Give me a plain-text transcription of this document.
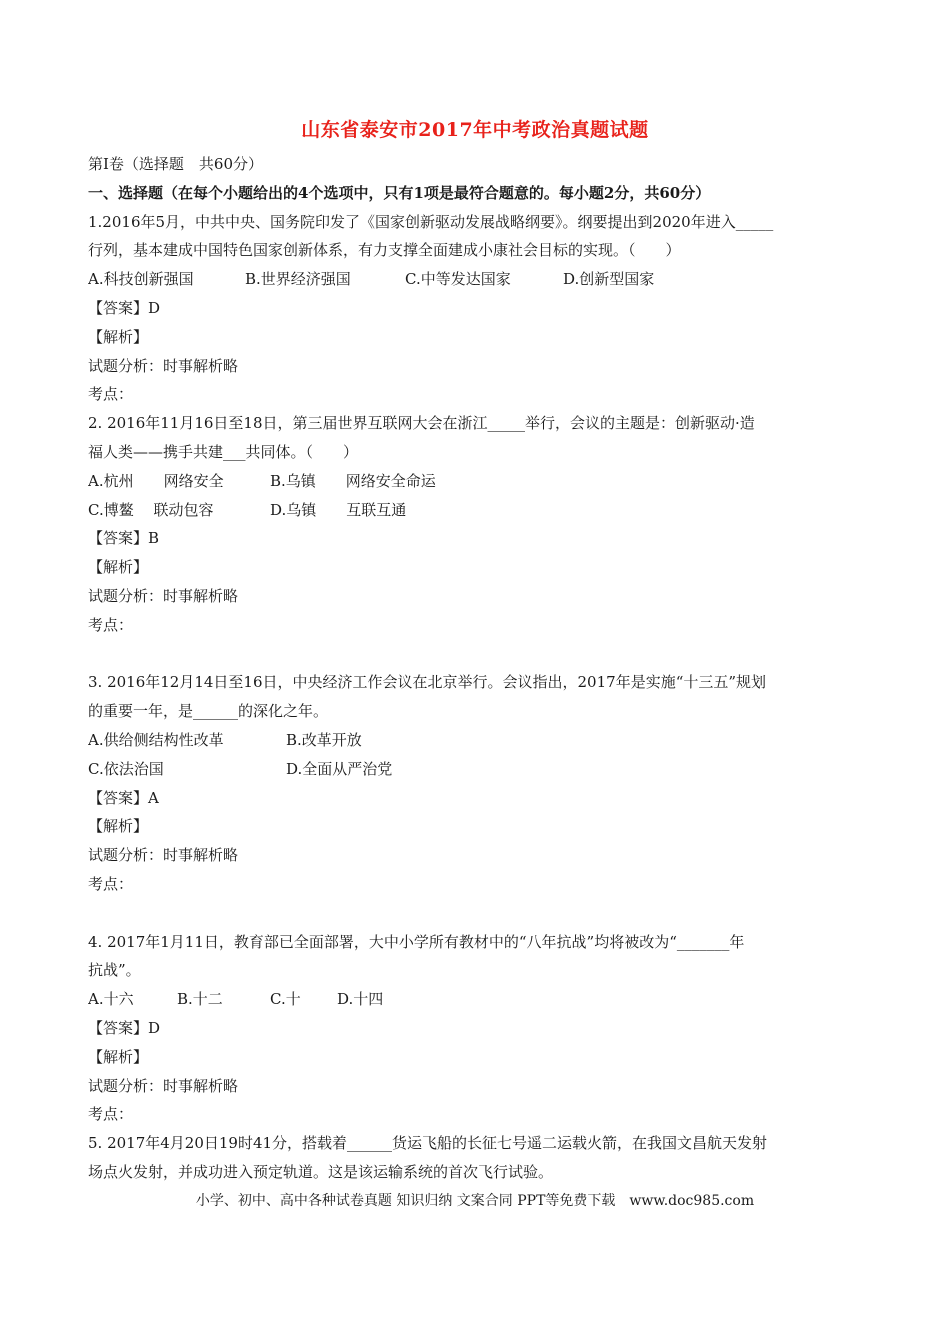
山东省泰安市2017年中考政治真题试题
第Ⅰ卷（选择题　共60分）
一、选择题（在每个小题给出的4个选项中，只有1项是最符合题意的。每小题2分，共60分）
1.2016年5月，中共中央、国务院印发了《国家创新驱动发展战略纲要》。纲要提出到2020年进入_____
行列，基本建成中国特色国家创新体系，有力支撑全面建成小康社会目标的实现。（　　）
A.科技创新强国	B.世界经济强国	C.中等发达国家	D.创新型国家
【答案】D
【解析】
试题分析：时事解析略
考点：
2. 2016年11月16日至18日，第三届世界互联网大会在浙江_____举行，会议的主题是：创新驱动·造
福人类——携手共建___共同体。（　　）
A.杭州　　网络安全	B.乌镇　　网络安全命运
C.博鳌　 联动包容	D.乌镇　　互联互通
【答案】B
【解析】
试题分析：时事解析略
考点：
3. 2016年12月14日至16日，中央经济工作会议在北京举行。会议指出，2017年是实施“十三五”规划
的重要一年，是______的深化之年。
A.供给侧结构性改革	B.改革开放
C.依法治国	D.全面从严治党
【答案】A
【解析】
试题分析：时事解析略
考点：
4. 2017年1月11日，教育部已全面部署，大中小学所有教材中的“八年抗战”均将被改为“_______年
抗战”。
A.十六	B.十二	C.十	D.十四
【答案】D
【解析】
试题分析：时事解析略
考点：
5. 2017年4月20日19时41分，搭载着______货运飞船的长征七号遥二运载火箭，在我国文昌航天发射
场点火发射，并成功进入预定轨道。这是该运输系统的首次飞行试验。
小学、初中、高中各种试卷真题 知识归纳 文案合同 PPT等免费下载　www.doc985.com
